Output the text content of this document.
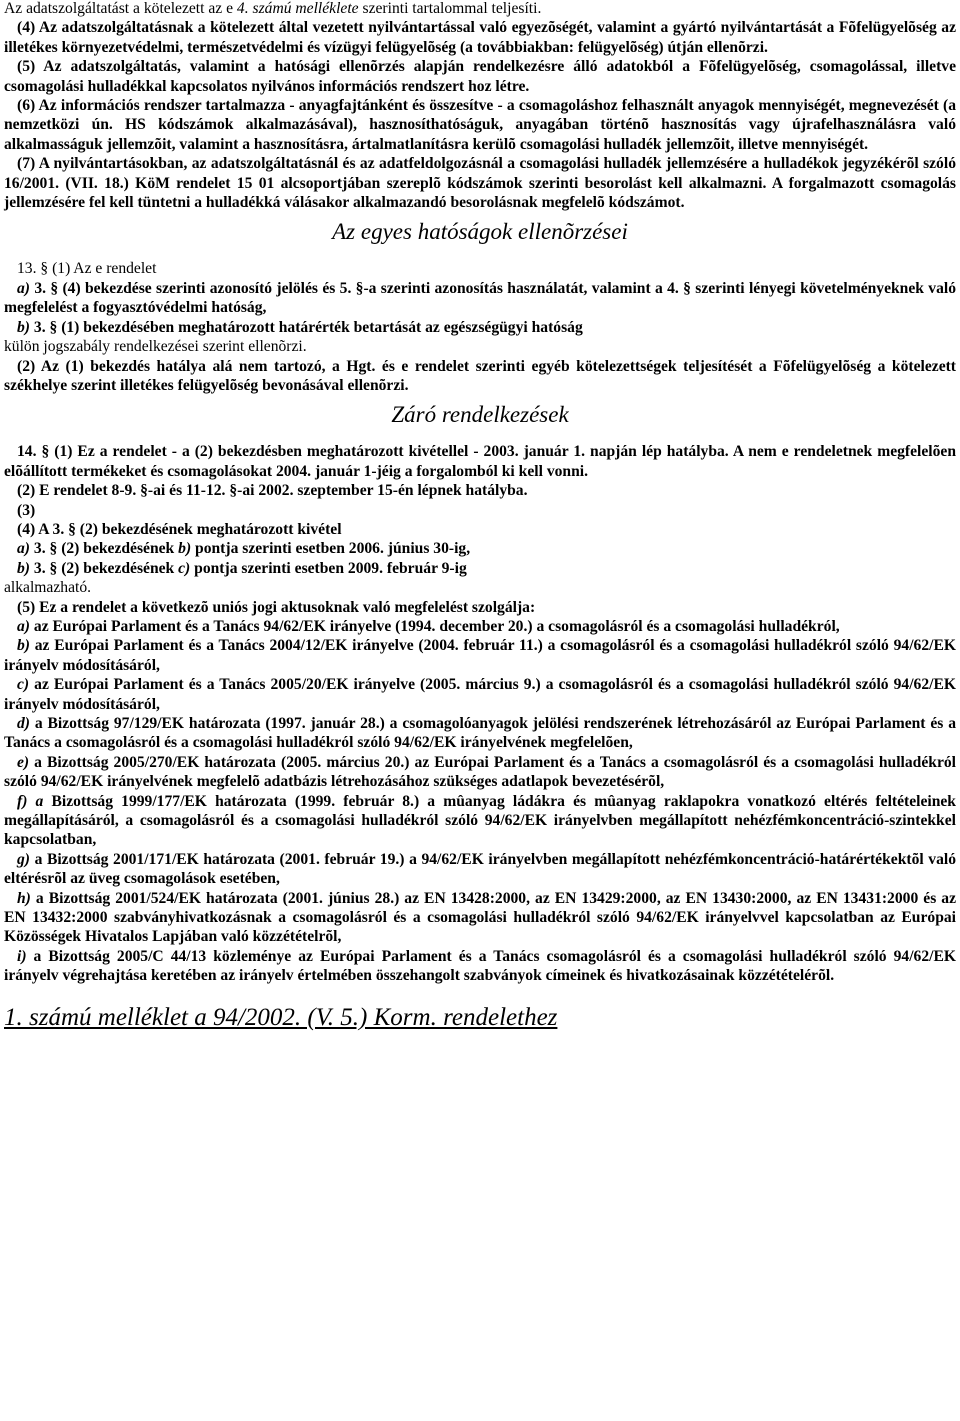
Az adatszolgáltatást a kötelezett az e 4. számú melléklete szerinti tartalommal teljesíti.

(4) Az adatszolgáltatásnak a kötelezett által vezetett nyilvántartással való egyezõségét, valamint a gyártó nyilvántartását a Fõfelügyelõség az illetékes környezetvédelmi, természetvédelmi és vízügyi felügyelõség (a továbbiakban: felügyelõség) útján ellenõrzi.

(5) Az adatszolgáltatás, valamint a hatósági ellenõrzés alapján rendelkezésre álló adatokból a Fõfelügyelõség, csomagolással, illetve csomagolási hulladékkal kapcsolatos nyilvános információs rendszert hoz létre.

(6) Az információs rendszer tartalmazza - anyagfajtánként és összesítve - a csomagoláshoz felhasznált anyagok mennyiségét, megnevezését (a nemzetközi ún. HS kódszámok alkalmazásával), hasznosíthatóságuk, anyagában történõ hasznosítás vagy újrafelhasználásra való alkalmasságuk jellemzõit, valamint a hasznosításra, ártalmatlanításra kerülõ csomagolási hulladék jellemzõit, illetve mennyiségét.

(7) A nyilvántartásokban, az adatszolgáltatásnál és az adatfeldolgozásnál a csomagolási hulladék jellemzésére a hulladékok jegyzékérõl szóló 16/2001. (VII. 18.) KöM rendelet 15 01 alcsoportjában szereplõ kódszámok szerinti besorolást kell alkalmazni. A forgalmazott csomagolás jellemzésére fel kell tüntetni a hulladékká válásakor alkalmazandó besorolásnak megfelelõ kódszámot.

Az egyes hatóságok ellenõrzései

13. § (1) Az e rendelet

a) 3. § (4) bekezdése szerinti azonosító jelölés és 5. §-a szerinti azonosítás használatát, valamint a 4. § szerinti lényegi követelményeknek való megfelelést a fogyasztóvédelmi hatóság,

b) 3. § (1) bekezdésében meghatározott határérték betartását az egészségügyi hatóság

külön jogszabály rendelkezései szerint ellenõrzi.

(2) Az (1) bekezdés hatálya alá nem tartozó, a Hgt. és e rendelet szerinti egyéb kötelezettségek teljesítését a Fõfelügyelõség a kötelezett székhelye szerint illetékes felügyelõség bevonásával ellenõrzi.

Záró rendelkezések

14. § (1) Ez a rendelet - a (2) bekezdésben meghatározott kivétellel - 2003. január 1. napján lép hatályba. A nem e rendeletnek megfelelõen elõállított termékeket és csomagolásokat 2004. január 1-jéig a forgalomból ki kell vonni.

(2) E rendelet 8-9. §-ai és 11-12. §-ai 2002. szeptember 15-én lépnek hatályba.

(3)

(4) A 3. § (2) bekezdésének meghatározott kivétel

a) 3. § (2) bekezdésének b) pontja szerinti esetben 2006. június 30-ig,

b) 3. § (2) bekezdésének c) pontja szerinti esetben 2009. február 9-ig

alkalmazható.

(5) Ez a rendelet a következõ uniós jogi aktusoknak való megfelelést szolgálja:

a) az Európai Parlament és a Tanács 94/62/EK irányelve (1994. december 20.) a csomagolásról és a csomagolási hulladékról,

b) az Európai Parlament és a Tanács 2004/12/EK irányelve (2004. február 11.) a csomagolásról és a csomagolási hulladékról szóló 94/62/EK irányelv módosításáról,

c) az Európai Parlament és a Tanács 2005/20/EK irányelve (2005. március 9.) a csomagolásról és a csomagolási hulladékról szóló 94/62/EK irányelv módosításáról,

d) a Bizottság 97/129/EK határozata (1997. január 28.) a csomagolóanyagok jelölési rendszerének létrehozásáról az Európai Parlament és a Tanács a csomagolásról és a csomagolási hulladékról szóló 94/62/EK irányelvének megfelelõen,

e) a Bizottság 2005/270/EK határozata (2005. március 20.) az Európai Parlament és a Tanács a csomagolásról és a csomagolási hulladékról szóló 94/62/EK irányelvének megfelelõ adatbázis létrehozásához szükséges adatlapok bevezetésérõl,

f) a Bizottság 1999/177/EK határozata (1999. február 8.) a mûanyag ládákra és mûanyag raklapokra vonatkozó eltérés feltételeinek megállapításáról, a csomagolásról és a csomagolási hulladékról szóló 94/62/EK irányelvben megállapított nehézfémkoncentráció-szintekkel kapcsolatban,

g) a Bizottság 2001/171/EK határozata (2001. február 19.) a 94/62/EK irányelvben megállapított nehézfémkoncentráció-határértékektõl való eltérésrõl az üveg csomagolások esetében,

h) a Bizottság 2001/524/EK határozata (2001. június 28.) az EN 13428:2000, az EN 13429:2000, az EN 13430:2000, az EN 13431:2000 és az EN 13432:2000 szabványhivatkozásnak a csomagolásról és a csomagolási hulladékról szóló 94/62/EK irányelvvel kapcsolatban az Európai Közösségek Hivatalos Lapjában való közzétételrõl,

i) a Bizottság 2005/C 44/13 közleménye az Európai Parlament és a Tanács csomagolásról és a csomagolási hulladékról szóló 94/62/EK irányelv végrehajtása keretében az irányelv értelmében összehangolt szabványok címeinek és hivatkozásainak közzétételérõl.

1. számú melléklet a 94/2002. (V. 5.) Korm. rendelethez
